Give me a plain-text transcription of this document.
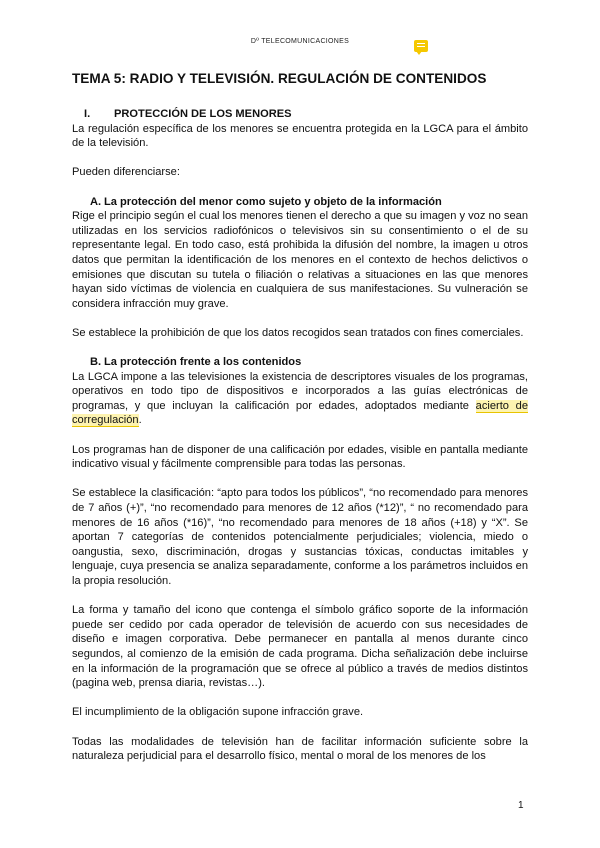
Dº TELECOMUNICACIONES
TEMA 5: RADIO Y TELEVISIÓN. REGULACIÓN DE CONTENIDOS
I. PROTECCIÓN DE LOS MENORES

La regulación específica de los menores se encuentra protegida en la LGCA para el ámbito de la televisión.

Pueden diferenciarse:

A. La protección del menor como sujeto y objeto de la información

Rige el principio según el cual los menores tienen el derecho a que su imagen y voz no sean utilizadas en los servicios radiofónicos o televisivos sin su consentimiento o el de su representante legal. En todo caso, está prohibida la difusión del nombre, la imagen u otros datos que permitan la identificación de los menores en el contexto de hechos delictivos o emisiones que discutan su tutela o filiación o relativas a situaciones en las que menores hayan sido víctimas de violencia en cualquiera de sus manifestaciones. Su vulneración se considera infracción muy grave.

Se establece la prohibición de que los datos recogidos sean tratados con fines comerciales.

B. La protección frente a los contenidos

La LGCA impone a las televisiones la existencia de descriptores visuales de los programas, operativos en todo tipo de dispositivos e incorporados a las guías electrónicas de programas, y que incluyan la calificación por edades, adoptados mediante acierto de corregulación.

Los programas han de disponer de una calificación por edades, visible en pantalla mediante indicativo visual y fácilmente comprensible para todas las personas.

Se establece la clasificación: “apto para todos los públicos”, “no recomendado para menores de 7 años (+)”, “no recomendado para menores de 12 años (*12)”, “ no recomendado para menores de 16 años (*16)”, “no recomendado para menores de 18 años (+18) y “X”. Se aportan 7 categorías de contenidos potencialmente perjudiciales; violencia, miedo o oangustia, sexo, discriminación, drogas y sustancias tóxicas, conductas imitables y lenguaje, cuya presencia se analiza separadamente, conforme a los parámetros incluidos en la propia resolución.

La forma y tamaño del icono que contenga el símbolo gráfico soporte de la información puede ser cedido por cada operador de televisión de acuerdo con sus necesidades de diseño e imagen corporativa. Debe permanecer en pantalla al menos durante cinco segundos, al comienzo de la emisión de cada programa. Dicha señalización debe incluirse en la información de la programación que se ofrece al público a través de medios distintos (pagina web, prensa diaria, revistas…).

El incumplimiento de la obligación supone infracción grave.

Todas las modalidades de televisión han de facilitar información suficiente sobre la naturaleza perjudicial para el desarrollo físico, mental o moral de los menores de los

1
